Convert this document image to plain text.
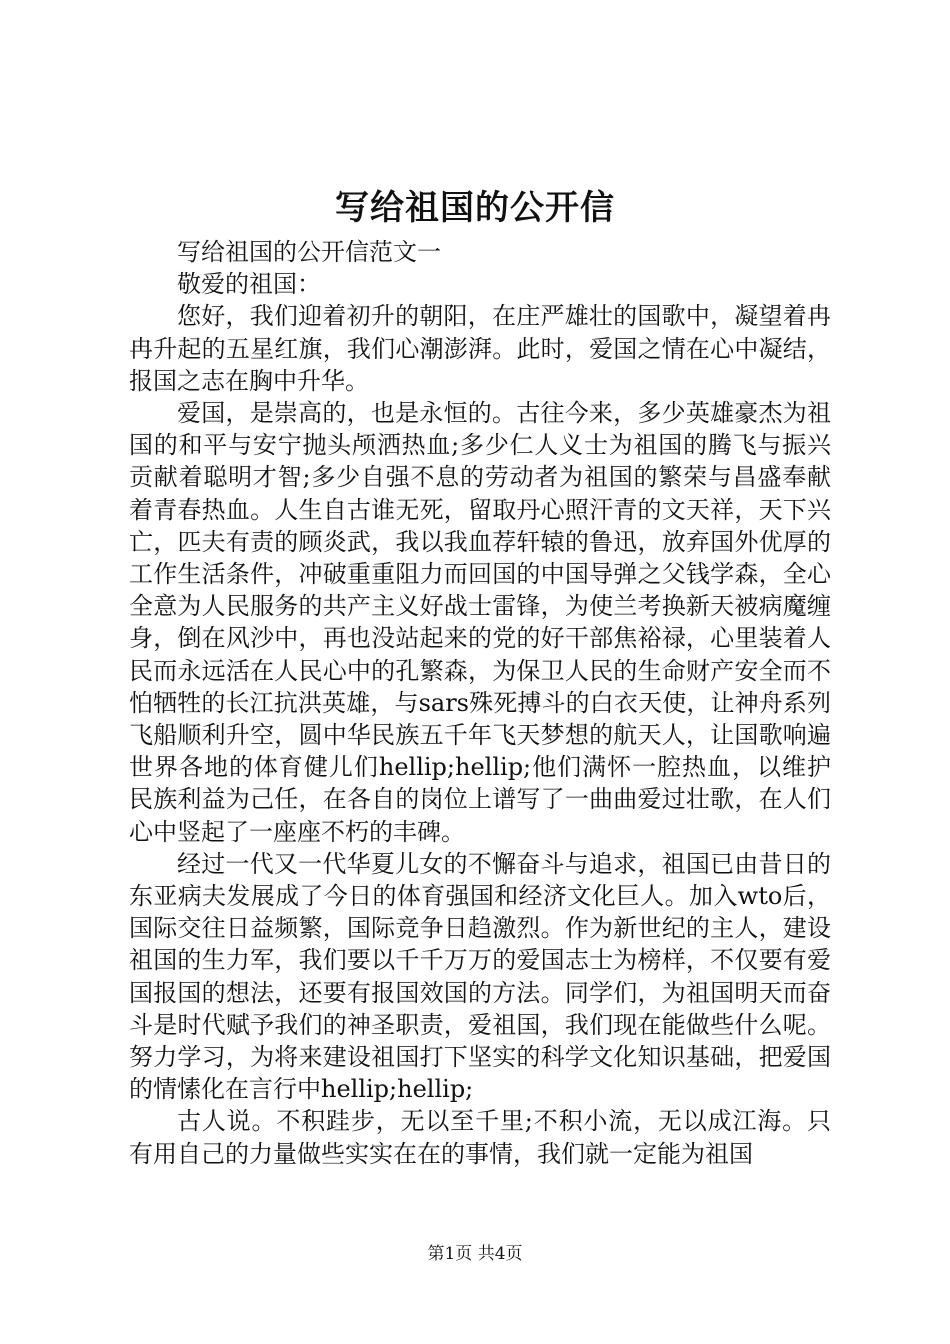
写给祖国的公开信

写给祖国的公开信范文一

敬爱的祖国：

您好，我们迎着初升的朝阳，在庄严雄壮的国歌中，凝望着冉冉升起的五星红旗，我们心潮澎湃。此时，爱国之情在心中凝结，报国之志在胸中升华。

爱国，是崇高的，也是永恒的。古往今来，多少英雄豪杰为祖国的和平与安宁抛头颅洒热血;多少仁人义士为祖国的腾飞与振兴贡献着聪明才智;多少自强不息的劳动者为祖国的繁荣与昌盛奉献着青春热血。人生自古谁无死，留取丹心照汗青的文天祥，天下兴亡，匹夫有责的顾炎武，我以我血荐轩辕的鲁迅，放弃国外优厚的工作生活条件，冲破重重阻力而回国的中国导弹之父钱学森，全心全意为人民服务的共产主义好战士雷锋，为使兰考换新天被病魔缠身，倒在风沙中，再也没站起来的党的好干部焦裕禄，心里装着人民而永远活在人民心中的孔繁森，为保卫人民的生命财产安全而不怕牺牲的长江抗洪英雄，与sars殊死搏斗的白衣天使，让神舟系列飞船顺利升空，圆中华民族五千年飞天梦想的航天人，让国歌响遍世界各地的体育健儿们hellip;hellip;他们满怀一腔热血，以维护民族利益为己任，在各自的岗位上谱写了一曲曲爱过壮歌，在人们心中竖起了一座座不朽的丰碑。

经过一代又一代华夏儿女的不懈奋斗与追求，祖国已由昔日的东亚病夫发展成了今日的体育强国和经济文化巨人。加入wto后，国际交往日益频繁，国际竞争日趋激烈。作为新世纪的主人，建设祖国的生力军，我们要以千千万万的爱国志士为榜样，不仅要有爱国报国的想法，还要有报国效国的方法。同学们，为祖国明天而奋斗是时代赋予我们的神圣职责，爱祖国，我们现在能做些什么呢。努力学习，为将来建设祖国打下坚实的科学文化知识基础，把爱国的情愫化在言行中hellip;hellip;

古人说。不积跬步，无以至千里;不积小流，无以成江海。只有用自己的力量做些实实在在的事情，我们就一定能为祖国

第1页 共4页
